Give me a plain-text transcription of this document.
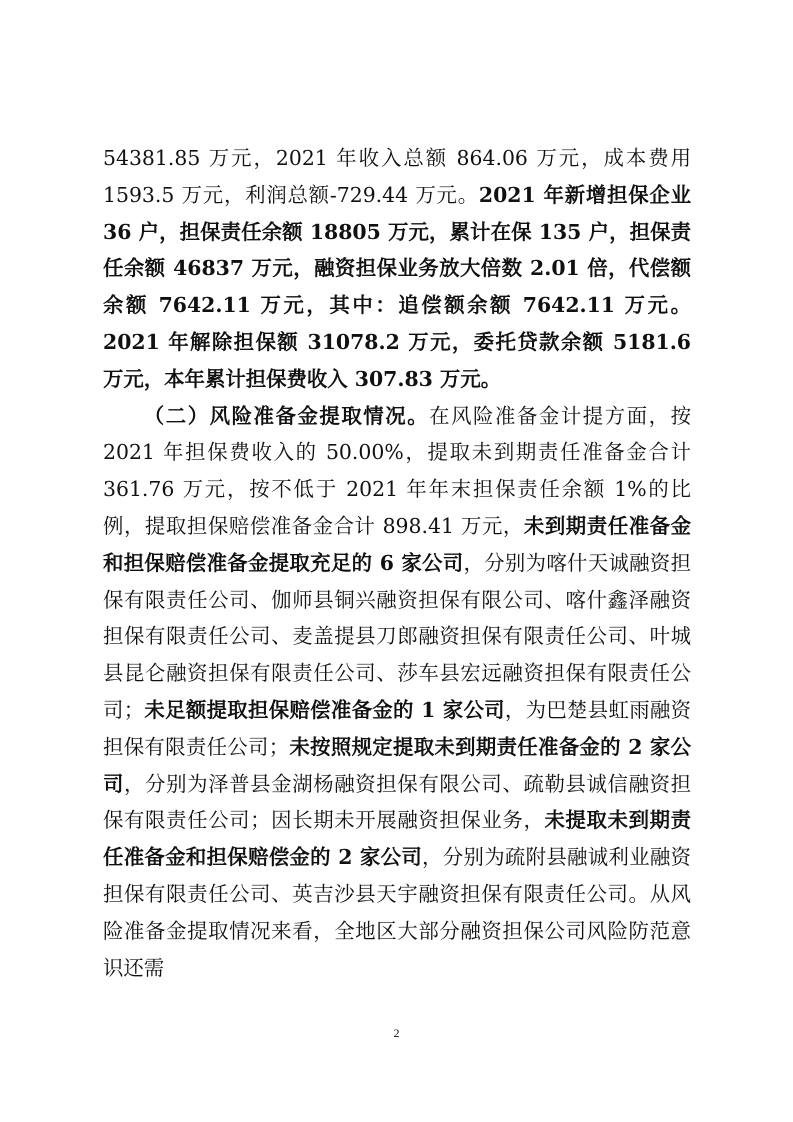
54381.85 万元，2021 年收入总额 864.06 万元，成本费用 1593.5 万元，利润总额-729.44 万元。2021 年新增担保企业 36 户，担保责任余额 18805 万元，累计在保 135 户，担保责任余额 46837 万元，融资担保业务放大倍数 2.01 倍，代偿额余额 7642.11 万元，其中：追偿额余额 7642.11 万元。2021 年解除担保额 31078.2 万元，委托贷款余额 5181.6 万元，本年累计担保费收入 307.83 万元。

（二）风险准备金提取情况。在风险准备金计提方面，按 2021 年担保费收入的 50.00%，提取未到期责任准备金合计 361.76 万元，按不低于 2021 年年末担保责任余额 1%的比例，提取担保赔偿准备金合计 898.41 万元，未到期责任准备金和担保赔偿准备金提取充足的 6 家公司，分别为喀什天诚融资担保有限责任公司、伽师县铜兴融资担保有限公司、喀什鑫泽融资担保有限责任公司、麦盖提县刀郎融资担保有限责任公司、叶城县昆仑融资担保有限责任公司、莎车县宏远融资担保有限责任公司；未足额提取担保赔偿准备金的 1 家公司，为巴楚县虹雨融资担保有限责任公司；未按照规定提取未到期责任准备金的 2 家公司，分别为泽普县金湖杨融资担保有限公司、疏勒县诚信融资担保有限责任公司；因长期未开展融资担保业务，未提取未到期责任准备金和担保赔偿金的 2 家公司，分别为疏附县融诚利业融资担保有限责任公司、英吉沙县天宇融资担保有限责任公司。从风险准备金提取情况来看，全地区大部分融资担保公司风险防范意识还需

2
